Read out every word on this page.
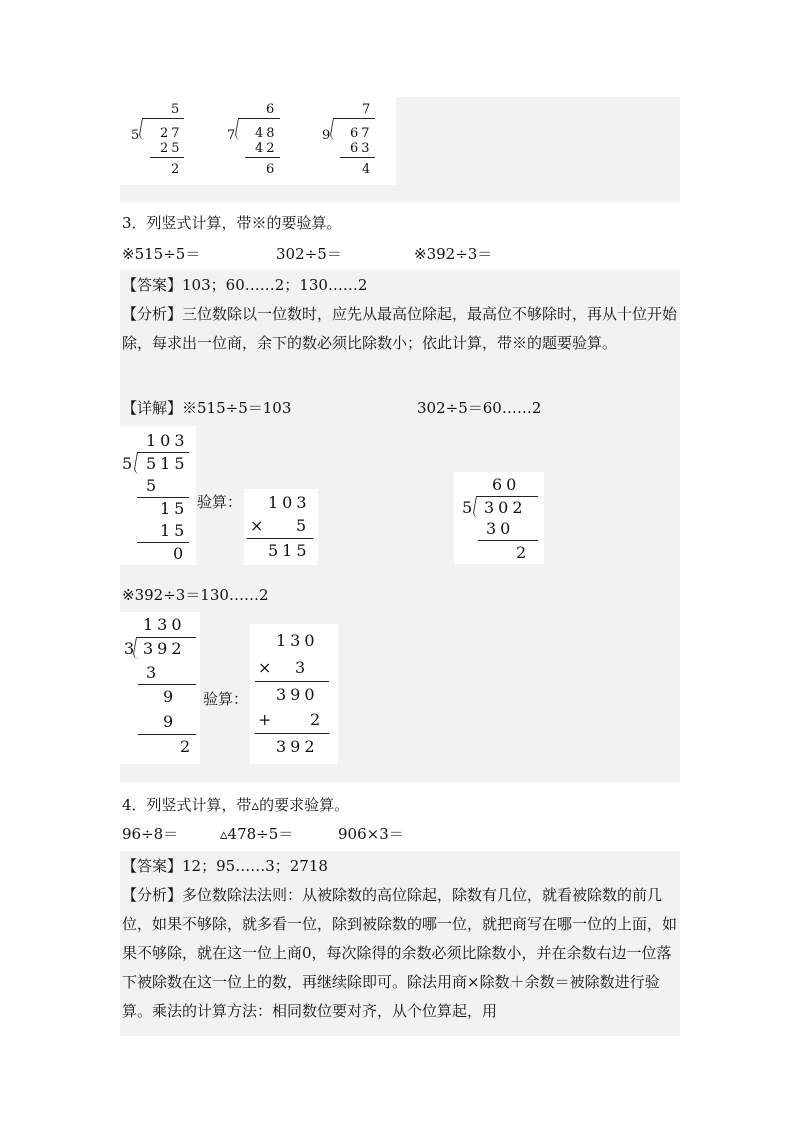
5
5 27
25
2
6
7 48
42
6
7
9 67
63
4
3．列竖式计算，带※的要验算。
※515÷5＝	302÷5＝	※392÷3＝
【答案】103；60……2；130……2
【分析】三位数除以一位数时，应先从最高位除起，最高位不够除时，再从十位开始除，每求出一位商，余下的数必须比除数小；依此计算，带※的题要验算。
【详解】※515÷5＝103	302÷5＝60……2
103
5 515
5
15
15
0
验算： 103
× 5
515
60
5 302
30
2
※392÷3＝130……2
130
3 392
3
9
9
2
验算：
130
× 3
390
+ 2
392
4．列竖式计算，带▵的要求验算。
96÷8＝	▵478÷5＝	906×3＝
【答案】12；95……3；2718
【分析】多位数除法法则：从被除数的高位除起，除数有几位，就看被除数的前几位，如果不够除，就多看一位，除到被除数的哪一位，就把商写在哪一位的上面，如果不够除，就在这一位上商0，每次除得的余数必须比除数小，并在余数右边一位落下被除数在这一位上的数，再继续除即可。除法用商×除数＋余数＝被除数进行验算。乘法的计算方法：相同数位要对齐，从个位算起，用
